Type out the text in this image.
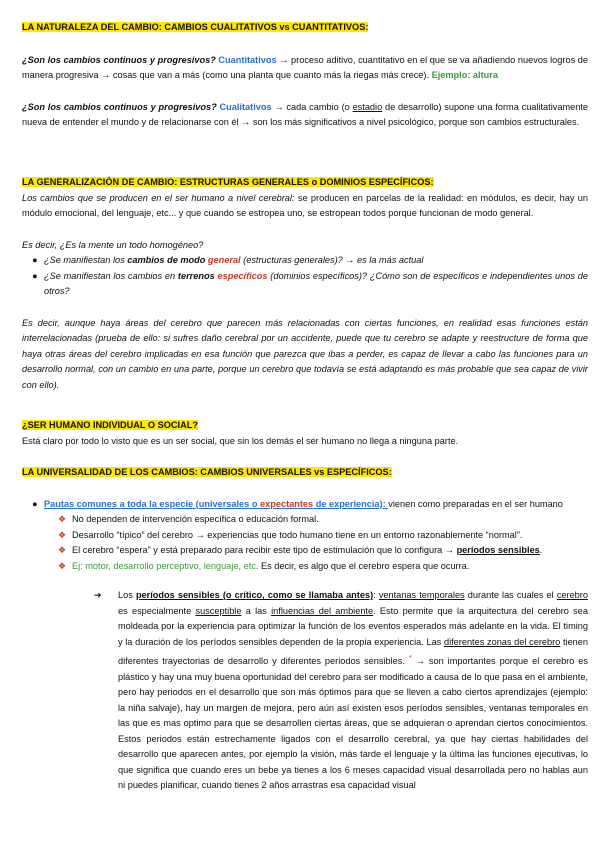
LA NATURALEZA DEL CAMBIO: CAMBIOS CUALITATIVOS vs CUANTITATIVOS:

¿Son los cambios continuos y progresivos? Cuantitativos → proceso aditivo, cuantitativo en el que se va añadiendo nuevos logros de manera progresiva → cosas que van a más (como una planta que cuanto más la riegas más crece). Ejemplo: altura

¿Son los cambios continuos y progresivos? Cualitativos → cada cambio (o estadio de desarrollo) supone una forma cualitativamente nueva de entender el mundo y de relacionarse con él → son los más significativos a nivel psicológico, porque son cambios estructurales.

LA GENERALIZACIÓN DE CAMBIO: ESTRUCTURAS GENERALES o DOMINIOS ESPECÍFICOS:

Los cambios que se producen en el ser humano a nivel cerebral: se producen en parcelas de la realidad: en módulos, es decir, hay un módulo emocional, del lenguaje, etc... y que cuando se estropea uno, se estropean todos porque funcionan de modo general.

Es decir, ¿Es la mente un todo homogéneo?

● ¿Se manifiestan los cambios de modo general (estructuras generales)? → es la más actual
● ¿Se manifiestan los cambios en terrenos específicos (dominios específicos)? ¿Cómo son de específicos e independientes unos de otros?

Es decir, aunque haya áreas del cerebro que parecen más relacionadas con ciertas funciones, en realidad esas funciones están interrelacionadas (prueba de ello: si sufres daño cerebral por un accidente, puede que tu cerebro se adapte y reestructure de forma que haya otras áreas del cerebro implicadas en esa función que parezca que ibas a perder, es capaz de llevar a cabo las funciones para un desarrollo normal, con un cambio en una parte, porque un cerebro que todavía se está adaptando es más probable que sea capaz de vivir con ello).

¿SER HUMANO INDIVIDUAL O SOCIAL?

Está claro por todo lo visto que es un ser social, que sin los demás el ser humano no llega a ninguna parte.

LA UNIVERSALIDAD DE LOS CAMBIOS: CAMBIOS UNIVERSALES vs ESPECÍFICOS:

● Pautas comunes a toda la especie (universales o expectantes de experiencia): vienen como preparadas en el ser humano
❖ No dependen de intervención específica o educación formal.
❖ Desarrollo “típico” del cerebro → experiencias que todo humano tiene en un entorno razonablemente “normal”.
❖ El cerebro “espera” y está preparado para recibir este tipo de estimulación que lo configura → períodos sensibles.
❖ Ej: motor, desarrollo perceptivo, lenguaje, etc. Es decir, es algo que el cerebro espera que ocurra.
➔ Los períodos sensibles (o crítico, como se llamaba antes): ventanas temporales durante las cuales el cerebro es especialmente susceptible a las influencias del ambiente. Esto permite que la arquitectura del cerebro sea moldeada por la experiencia para optimizar la función de los eventos esperados más adelante en la vida. El timing y la duración de los períodos sensibles dependen de la propia experiencia. Las diferentes zonas del cerebro tienen diferentes trayectorias de desarrollo y diferentes periodos sensibles. * → son importantes porque el cerebro es plástico y hay una muy buena oportunidad del cerebro para ser modificado a causa de lo que pasa en el ambiente, pero hay periodos en el desarrollo que son más óptimos para que se lleven a cabo ciertos aprendizajes (ejemplo: la niña salvaje), hay un margen de mejora, pero aún así existen esos períodos sensibles, ventanas temporales en las que es mas optimo para que se desarrollen ciertas áreas, que se adquieran o aprendan ciertos conocimientos. Estos periodos están estrechamente ligados con el desarrollo cerebral, ya que hay ciertas habilidades del desarrollo que aparecen antes, por ejemplo la visión, más tarde el lenguaje y la última las funciones ejecutivas, lo que significa que cuando eres un bebe ya tienes a los 6 meses capacidad visual desarrollada pero no hablas aun ni puedes planificar, cuando tienes 2 años arrastras esa capacidad visual
